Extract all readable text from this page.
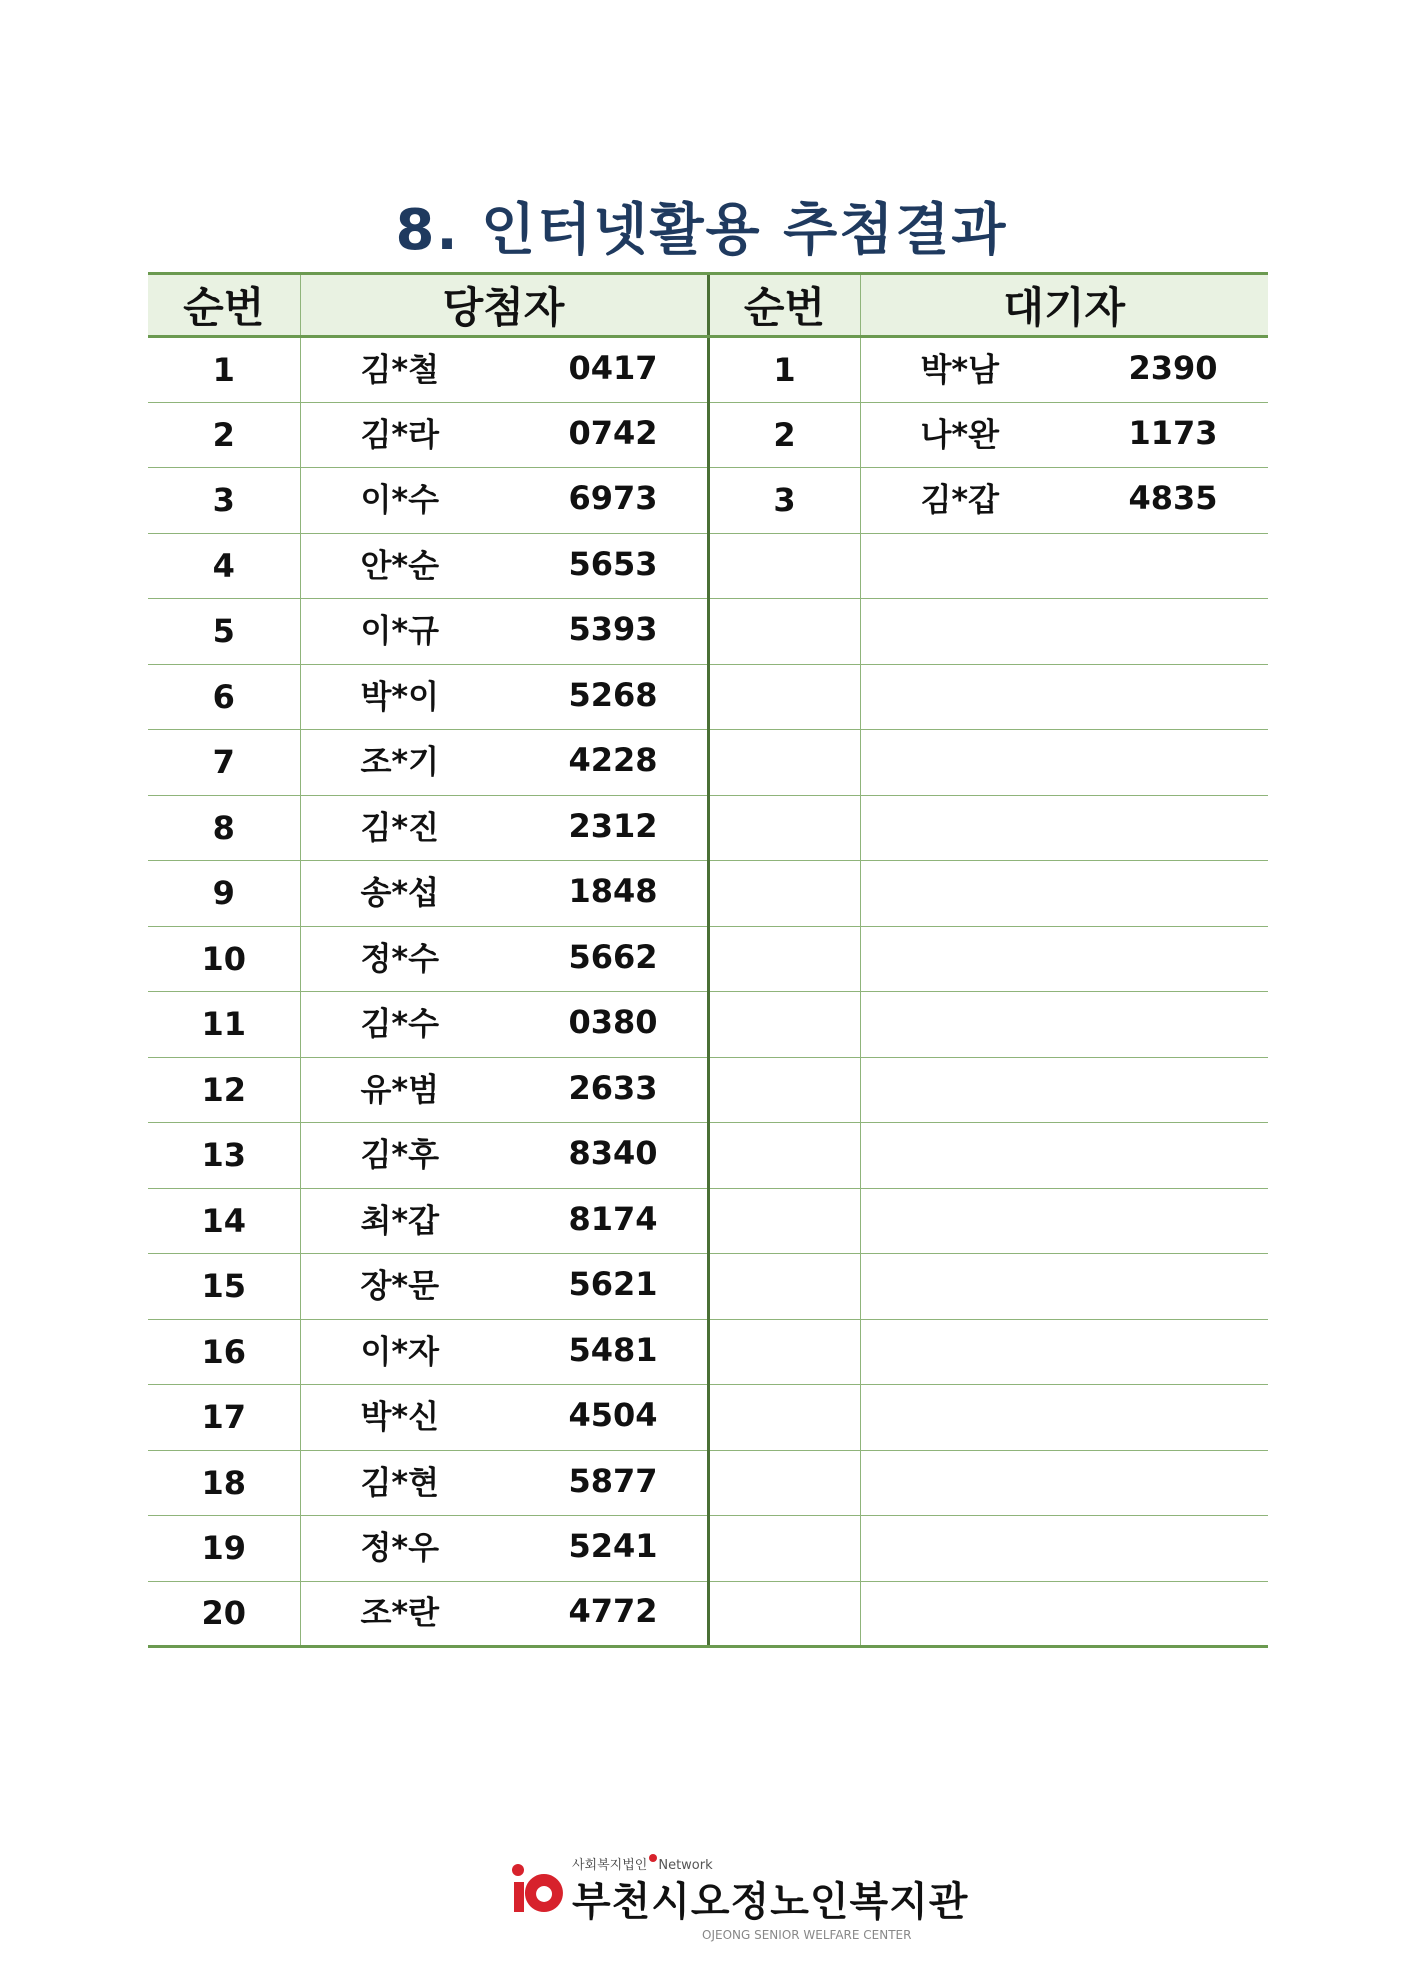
8. 인터넷활용 추첨결과
순번	당첨자	순번	대기자
1	김*철 0417	1	박*남 2390

2	김*라 0742	2	나*완 1173

3	이*수 6973	3	김*갑 4835

4	안*순 5653		

5	이*규 5393		

6	박*이 5268		

7	조*기 4228		

8	김*진 2312		

9	송*섭 1848		

10	정*수 5662		

11	김*수 0380		

12	유*범 2633		

13	김*후 8340		

14	최*갑 8174		

15	장*문 5621		

16	이*자 5481		

17	박*신 4504		

18	김*현 5877		

19	정*우 5241		

20	조*란 4772		

사회복지법인 Network
부천시오정노인복지관
OJEONG SENIOR WELFARE CENTER
